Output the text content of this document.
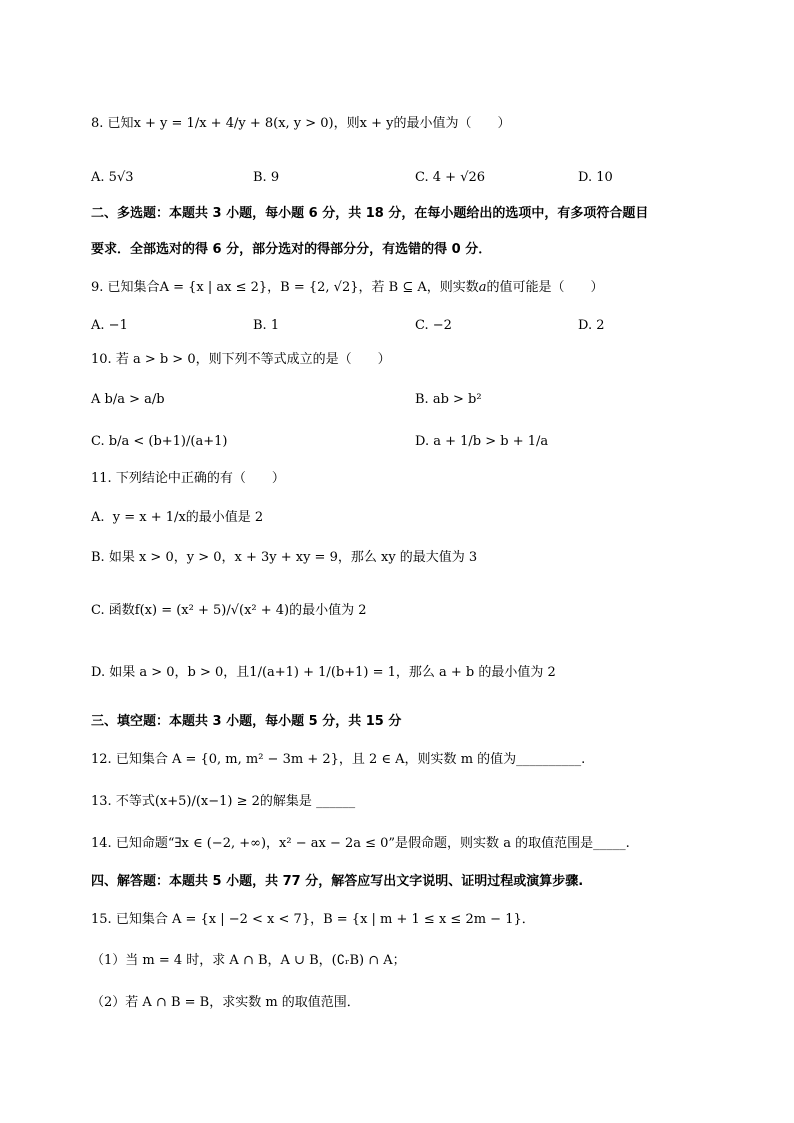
8. 已知x + y = 1/x + 4/y + 8(x, y > 0)，则x + y的最小值为（　　）
A. 5√3	B. 9	C. 4 + √26	D. 10
二、多选题：本题共 3 小题，每小题 6 分，共 18 分，在每小题给出的选项中，有多项符合题目
要求．全部选对的得 6 分，部分选对的得部分分，有选错的得 0 分．
9. 已知集合A = {x | ax ≤ 2}，B = {2, √2}，若 B ⊆ A，则实数a的值可能是（　　）
A. −1	B. 1	C. −2	D. 2
10. 若 a > b > 0，则下列不等式成立的是（　　）
A b/a > a/b	B. ab > b²
C. b/a < (b+1)/(a+1)	D. a + 1/b > b + 1/a
11. 下列结论中正确的有（　　）
A. y = x + 1/x的最小值是 2
B. 如果 x > 0，y > 0，x + 3y + xy = 9，那么 xy 的最大值为 3
C. 函数f(x) = (x² + 5)/√(x² + 4)的最小值为 2
D. 如果 a > 0，b > 0，且1/(a+1) + 1/(b+1) = 1，那么 a + b 的最小值为 2
三、填空题：本题共 3 小题，每小题 5 分，共 15 分
12. 已知集合 A = {0, m, m² − 3m + 2}，且 2 ∈ A，则实数 m 的值为__________.
13. 不等式(x+5)/(x−1) ≥ 2的解集是 ______
14. 已知命题“∃x ∈ (−2, +∞)，x² − ax − 2a ≤ 0”是假命题，则实数 a 的取值范围是_____.
四、解答题：本题共 5 小题，共 77 分，解答应写出文字说明、证明过程或演算步骤.
15. 已知集合 A = {x | −2 < x < 7}，B = {x | m + 1 ≤ x ≤ 2m − 1}．
（1）当 m = 4 时，求 A ∩ B，A ∪ B，(∁ᵣB) ∩ A；
（2）若 A ∩ B = B，求实数 m 的取值范围．
